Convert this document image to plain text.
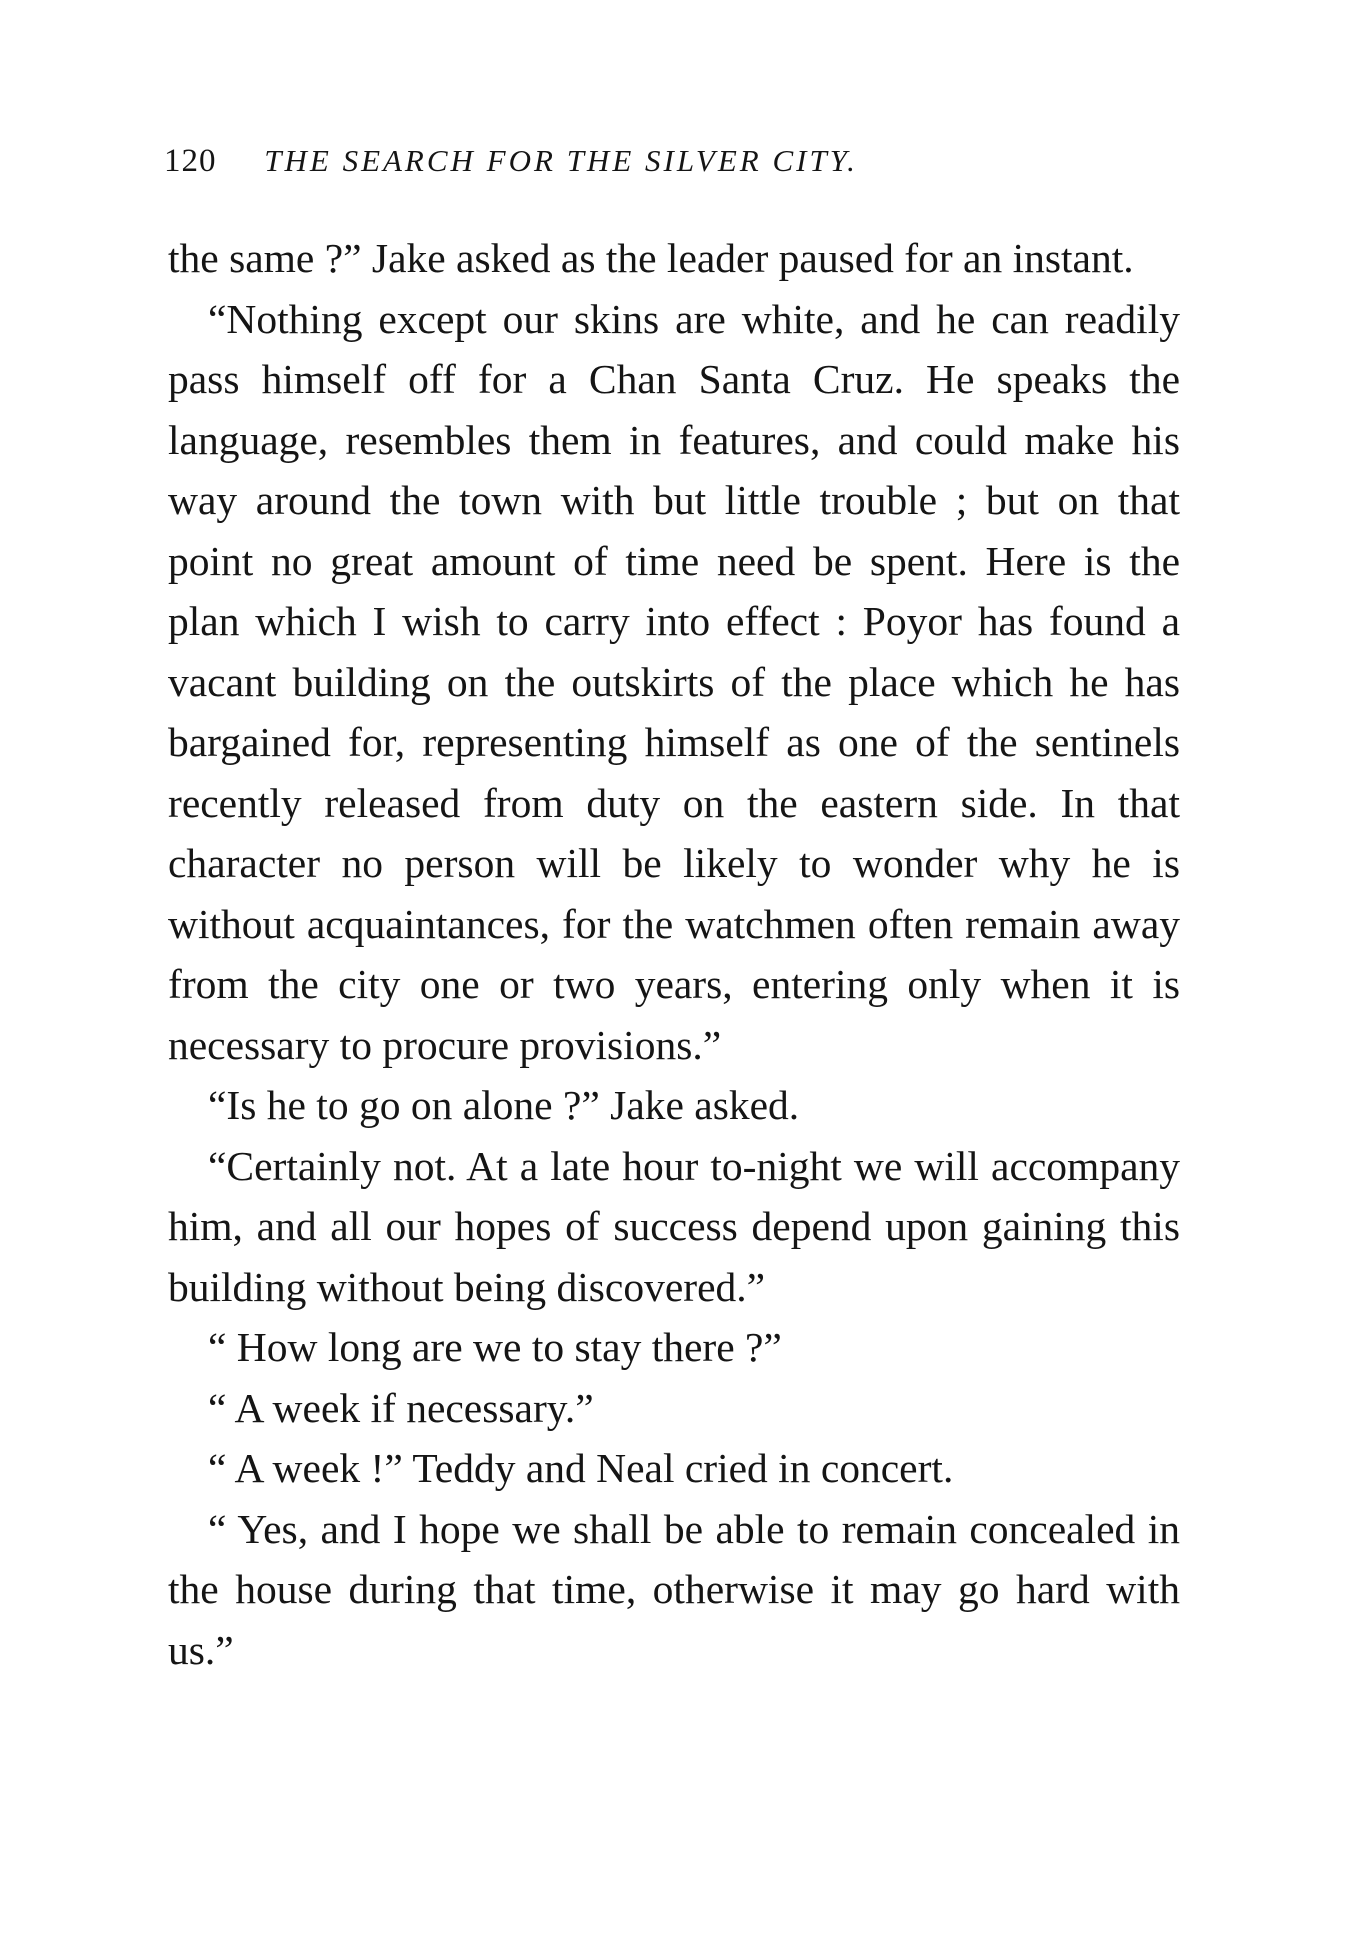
120 THE SEARCH FOR THE SILVER CITY.

the same ?” Jake asked as the leader paused for an instant.

“Nothing except our skins are white, and he can readily pass himself off for a Chan Santa Cruz. He speaks the language, resembles them in features, and could make his way around the town with but little trouble ; but on that point no great amount of time need be spent. Here is the plan which I wish to carry into effect : Poyor has found a vacant building on the outskirts of the place which he has bargained for, representing himself as one of the sentinels recently released from duty on the eastern side. In that character no person will be likely to wonder why he is without acquaintances, for the watchmen often remain away from the city one or two years, entering only when it is necessary to procure provisions.”

“Is he to go on alone ?” Jake asked.

“Certainly not. At a late hour to-night we will accompany him, and all our hopes of success depend upon gaining this building without being discovered.”

“ How long are we to stay there ?”

“ A week if necessary.”

“ A week !” Teddy and Neal cried in concert.

“ Yes, and I hope we shall be able to remain concealed in the house during that time, otherwise it may go hard with us.”
